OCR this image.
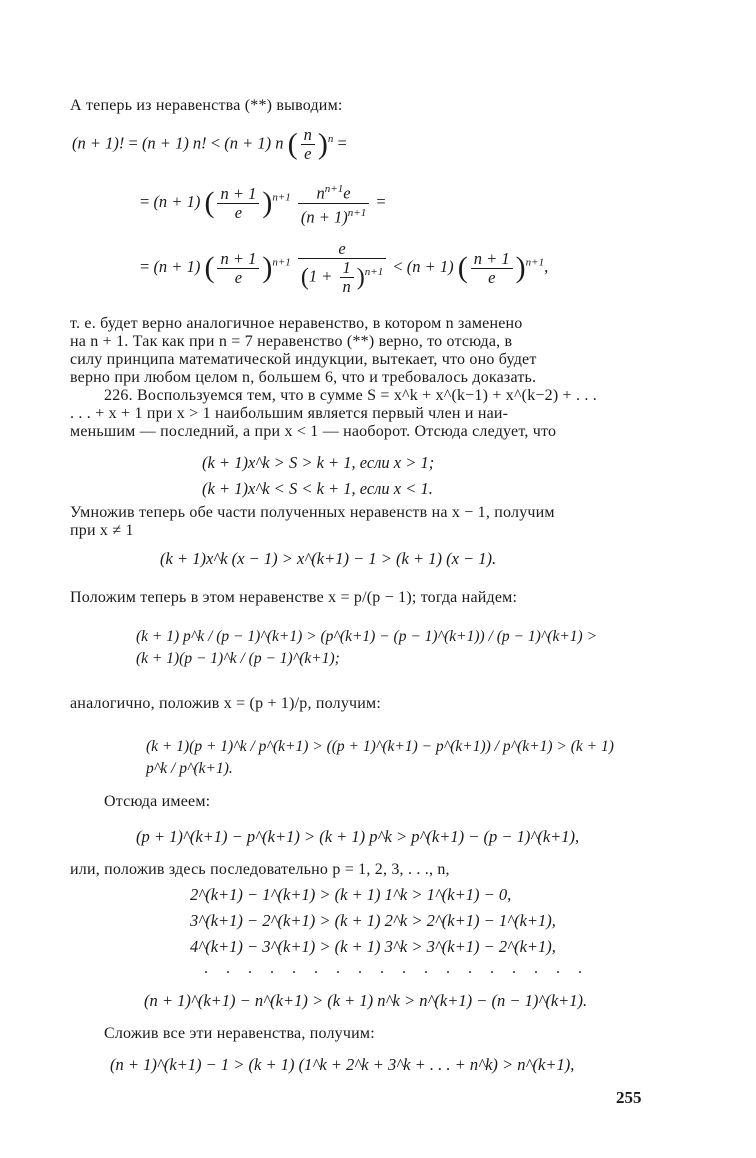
А теперь из неравенства (**) выводим:
(n + 1)! = (n + 1) n! < (n + 1) n ( $\frac{n}{e} )^n$ =
= (n + 1) ( $\frac{n + 1}{e} )^{n+1} \frac{n^{n+1}e}{(n + 1)^{n+1}}$ =
= (n + 1) ( $\frac{n + 1}{e} )^{n+1} \frac{e}{(1 + \frac{1}{n} )^{n+1}} < (n + 1)$ ( $\frac{n + 1}{e} )^{n+1}$,
т. е. будет верно аналогичное неравенство, в котором n заменено
на n + 1. Так как при n = 7 неравенство (**) верно, то отсюда, в
силу принципа математической индукции, вытекает, что оно будет
верно при любом целом n, большем 6, что и требовалось доказать.
226. Воспользуемся тем, что в сумме S = x^k + x^(k−1) + x^(k−2) + . . .
. . . + x + 1 при x > 1 наибольшим является первый член и наи-
меньшим — последний, а при x < 1 — наоборот. Отсюда следует, что
(k + 1)x^k > S > k + 1, если x > 1;
(k + 1)x^k < S < k + 1, если x < 1.
Умножив теперь обе части полученных неравенств на x − 1, получим
при x ≠ 1
(k + 1)x^k (x − 1) > x^(k+1) − 1 > (k + 1) (x − 1).
Положим теперь в этом неравенстве x = p/(p − 1); тогда найдем:
(k + 1) p^k / (p − 1)^(k+1) > (p^(k+1) − (p − 1)^(k+1)) / (p − 1)^(k+1) > (k + 1)(p − 1)^k / (p − 1)^(k+1);
аналогично, положив x = (p + 1)/p, получим:
(k + 1)(p + 1)^k / p^(k+1) > ((p + 1)^(k+1) − p^(k+1)) / p^(k+1) > (k + 1) p^k / p^(k+1).
Отсюда имеем:
(p + 1)^(k+1) − p^(k+1) > (k + 1) p^k > p^(k+1) − (p − 1)^(k+1),
или, положив здесь последовательно p = 1, 2, 3, . . ., n,
2^(k+1) − 1^(k+1) > (k + 1) 1^k > 1^(k+1) − 0,
3^(k+1) − 2^(k+1) > (k + 1) 2^k > 2^(k+1) − 1^(k+1),
4^(k+1) − 3^(k+1) > (k + 1) 3^k > 3^(k+1) − 2^(k+1),
. . . . . . . . . . . . . . . . . .
(n + 1)^(k+1) − n^(k+1) > (k + 1) n^k > n^(k+1) − (n − 1)^(k+1).
Сложив все эти неравенства, получим:
(n + 1)^(k+1) − 1 > (k + 1) (1^k + 2^k + 3^k + . . . + n^k) > n^(k+1),
255
